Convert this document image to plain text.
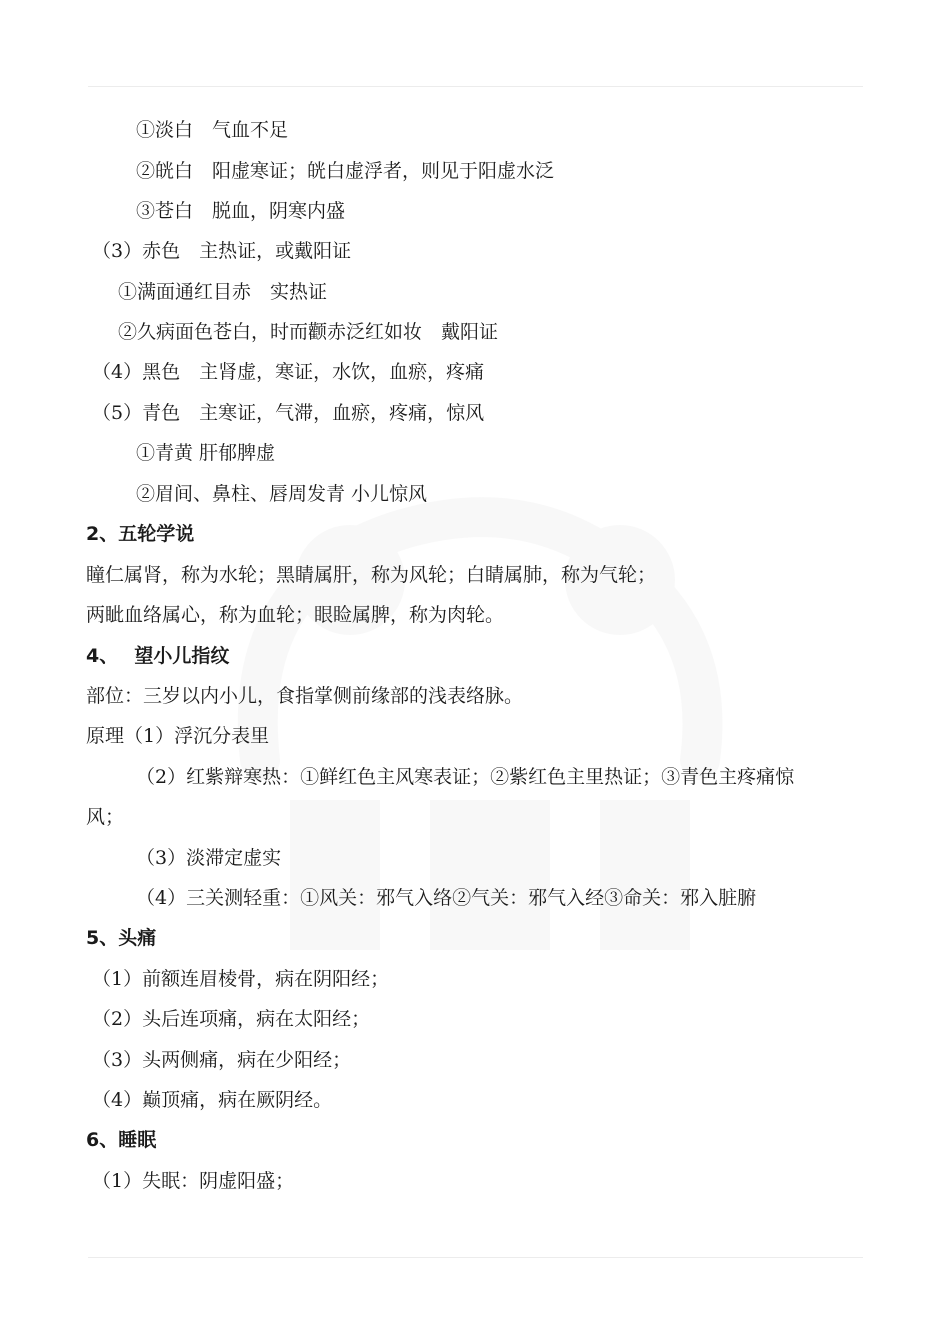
①淡白　气血不足
②㿠白　阳虚寒证；㿠白虚浮者，则见于阳虚水泛
③苍白　脱血，阴寒内盛
（3）赤色　主热证，或戴阳证
①满面通红目赤　实热证
②久病面色苍白，时而颧赤泛红如妆　戴阳证
（4）黑色　主肾虚，寒证，水饮，血瘀，疼痛
（5）青色　主寒证，气滞，血瘀，疼痛，惊风
①青黄 肝郁脾虚
②眉间、鼻柱、唇周发青 小儿惊风
2、五轮学说
瞳仁属肾，称为水轮；黑睛属肝，称为风轮；白睛属肺，称为气轮；
两眦血络属心，称为血轮；眼睑属脾，称为肉轮。
4、　 望小儿指纹
部位：三岁以内小儿，食指掌侧前缘部的浅表络脉。
原理（1）浮沉分表里
（2）红紫辩寒热：①鲜红色主风寒表证；②紫红色主里热证；③青色主疼痛惊
风；
（3）淡滞定虚实
（4）三关测轻重：①风关：邪气入络②气关：邪气入经③命关：邪入脏腑
5、头痛
（1）前额连眉棱骨，病在阴阳经；
（2）头后连项痛，病在太阳经；
（3）头两侧痛，病在少阳经；
（4）巅顶痛，病在厥阴经。
6、睡眠
（1）失眠：阴虚阳盛；
